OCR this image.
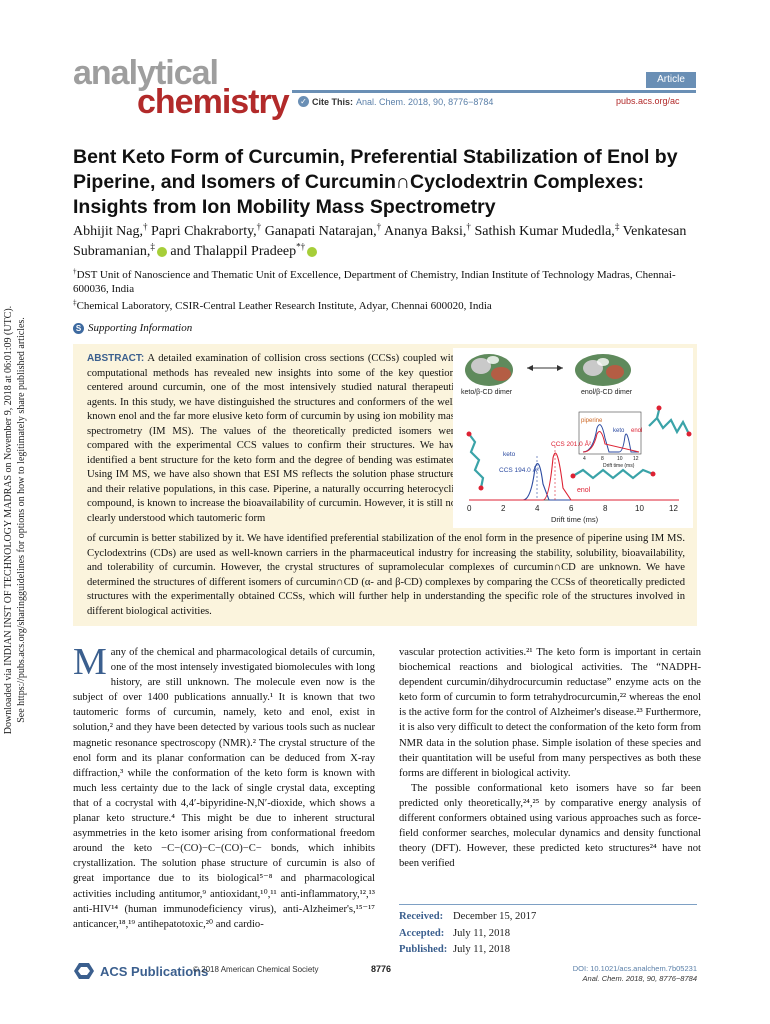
Downloaded via INDIAN INST OF TECHNOLOGY MADRAS on November 9, 2018 at 06:01:09 (UTC). See https://pubs.acs.org/sharingguidelines for options on how to legitimately share published articles.
analytical
chemistry
Article
✓ Cite This: Anal. Chem. 2018, 90, 8776−8784	pubs.acs.org/ac
Bent Keto Form of Curcumin, Preferential Stabilization of Enol by Piperine, and Isomers of Curcumin∩Cyclodextrin Complexes: Insights from Ion Mobility Mass Spectrometry
Abhijit Nag,† Papri Chakraborty,† Ganapati Natarajan,† Ananya Baksi,† Sathish Kumar Mudedla,‡ Venkatesan Subramanian,‡ and Thalappil Pradeep*†
†DST Unit of Nanoscience and Thematic Unit of Excellence, Department of Chemistry, Indian Institute of Technology Madras, Chennai-600036, India
‡Chemical Laboratory, CSIR-Central Leather Research Institute, Adyar, Chennai 600020, India
S Supporting Information
ABSTRACT: A detailed examination of collision cross sections (CCSs) coupled with computational methods has revealed new insights into some of the key questions centered around curcumin, one of the most intensively studied natural therapeutic agents. In this study, we have distinguished the structures and conformers of the well-known enol and the far more elusive keto form of curcumin by using ion mobility mass spectrometry (IM MS). The values of the theoretically predicted isomers were compared with the experimental CCS values to confirm their structures. We have identified a bent structure for the keto form and the degree of bending was estimated. Using IM MS, we have also shown that ESI MS reflects the solution phase structures and their relative populations, in this case. Piperine, a naturally occurring heterocyclic compound, is known to increase the bioavailability of curcumin. However, it is still not clearly understood which tautomeric form
keto/β-CD dimer	enol/β-CD dimer
piperine
keto enol
4	8	10 12
Drift time (ms)
CCS 201.0 Å²
keto
CCS 194.0 Å²
enol
0	2	4	6	8	10	12
Drift time (ms)
of curcumin is better stabilized by it. We have identified preferential stabilization of the enol form in the presence of piperine using IM MS. Cyclodextrins (CDs) are used as well-known carriers in the pharmaceutical industry for increasing the stability, solubility, bioavailability, and tolerability of curcumin. However, the crystal structures of supramolecular complexes of curcumin∩CD are unknown. We have determined the structures of different isomers of curcumin∩CD (α- and β-CD) complexes by comparing the CCSs of theoretically predicted structures with the experimentally obtained CCSs, which will further help in understanding the specific role of the structures involved in different biological activities.
M any of the chemical and pharmacological details of curcumin, one of the most intensely investigated biomolecules with long history, are still unknown. The molecule even now is the subject of over 1400 publications annually.¹ It is known that two tautomeric forms of curcumin, namely, keto and enol, exist in solution,² and they have been detected by various tools such as nuclear magnetic resonance spectroscopy (NMR).² The crystal structure of the enol form and its planar conformation can be deduced from X-ray diffraction,³ while the conformation of the keto form is known with much less certainty due to the lack of single crystal data, excepting that of a cocrystal with 4,4′-bipyridine-N,N′-dioxide, which shows a planar keto structure.⁴ This might be due to inherent structural asymmetries in the keto isomer arising from conformational freedom around the keto −C−(CO)−C−(CO)−C− bonds, which inhibits crystallization. The solution phase structure of curcumin is also of great importance due to its biological⁵⁻⁸ and pharmacological activities including antitumor,⁹ antioxidant,¹⁰,¹¹ anti-inflammatory,¹²,¹³ anti-HIV¹⁴ (human immunodeficiency virus), anti-Alzheimer's,¹⁵⁻¹⁷ anticancer,¹⁸,¹⁹ antihepatotoxic,²⁰ and cardio-

vascular protection activities.²¹ The keto form is important in certain biochemical reactions and biological activities. The “NADPH-dependent curcumin/dihydrocurcumin reductase” enzyme acts on the keto form of curcumin to form tetrahydrocurcumin,²² whereas the enol is the active form for the control of Alzheimer's disease.²³ Furthermore, it is also very difficult to detect the conformation of the keto form from NMR data in the solution phase. Simple isolation of these species and their quantitation will be useful from many perspectives as both these forms are different in biological activity.

The possible conformational keto isomers have so far been predicted only theoretically,²⁴,²⁵ by comparative energy analysis of different conformers obtained using various approaches such as force-field conformer searches, molecular dynamics and density functional theory (DFT). However, these predicted keto structures²⁴ have not been verified

Received: December 15, 2017
Accepted: July 11, 2018
Published: July 11, 2018
ACS Publications
© 2018 American Chemical Society	8776	DOI: 10.1021/acs.analchem.7b05231
Anal. Chem. 2018, 90, 8776−8784
